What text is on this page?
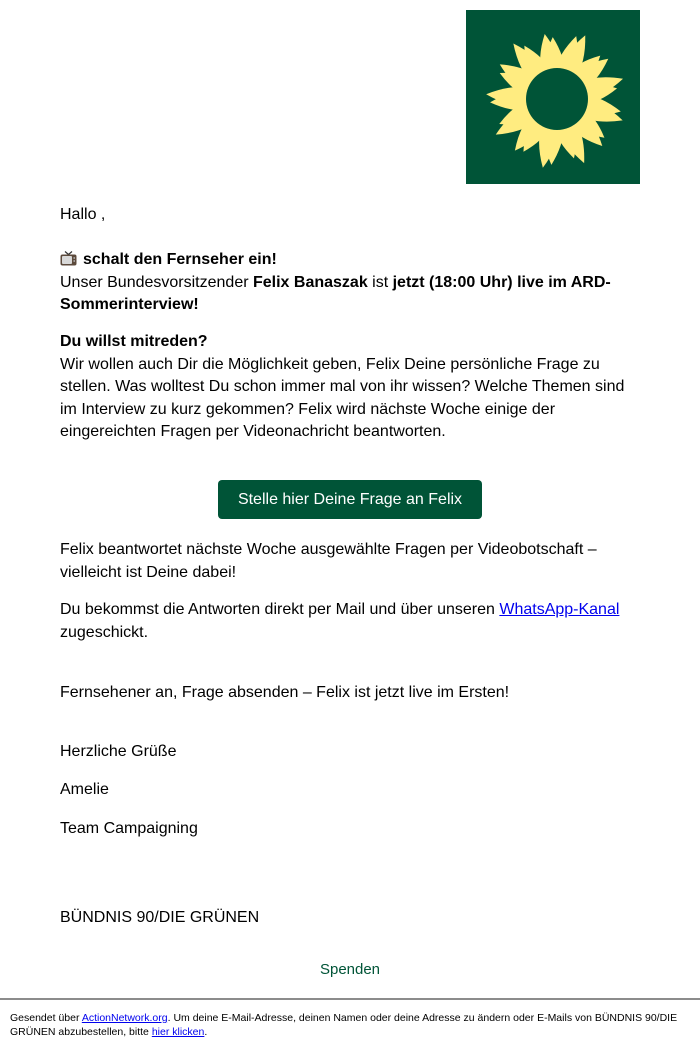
Hallo ,

schalt den Fernseher ein!

Unser Bundesvorsitzender Felix Banaszak ist jetzt (18:00 Uhr) live im ARD-Sommerinterview!

Du willst mitreden?

Wir wollen auch Dir die Möglichkeit geben, Felix Deine persönliche Frage zu stellen. Was wolltest Du schon immer mal von ihr wissen? Welche Themen sind im Interview zu kurz gekommen? Felix wird nächste Woche einige der eingereichten Fragen per Videonachricht beantworten.

Stelle hier Deine Frage an Felix

Felix beantwortet nächste Woche ausgewählte Fragen per Videobotschaft – vielleicht ist Deine dabei!

Du bekommst die Antworten direkt per Mail und über unseren WhatsApp-Kanal zugeschickt.

Fernsehener an, Frage absenden – Felix ist jetzt live im Ersten!

Herzliche Grüße

Amelie

Team Campaigning

BÜNDNIS 90/DIE GRÜNEN

Spenden
Gesendet über ActionNetwork.org. Um deine E-Mail-Adresse, deinen Namen oder deine Adresse zu ändern oder E-Mails von BÜNDNIS 90/DIE GRÜNEN abzubestellen, bitte hier klicken.
